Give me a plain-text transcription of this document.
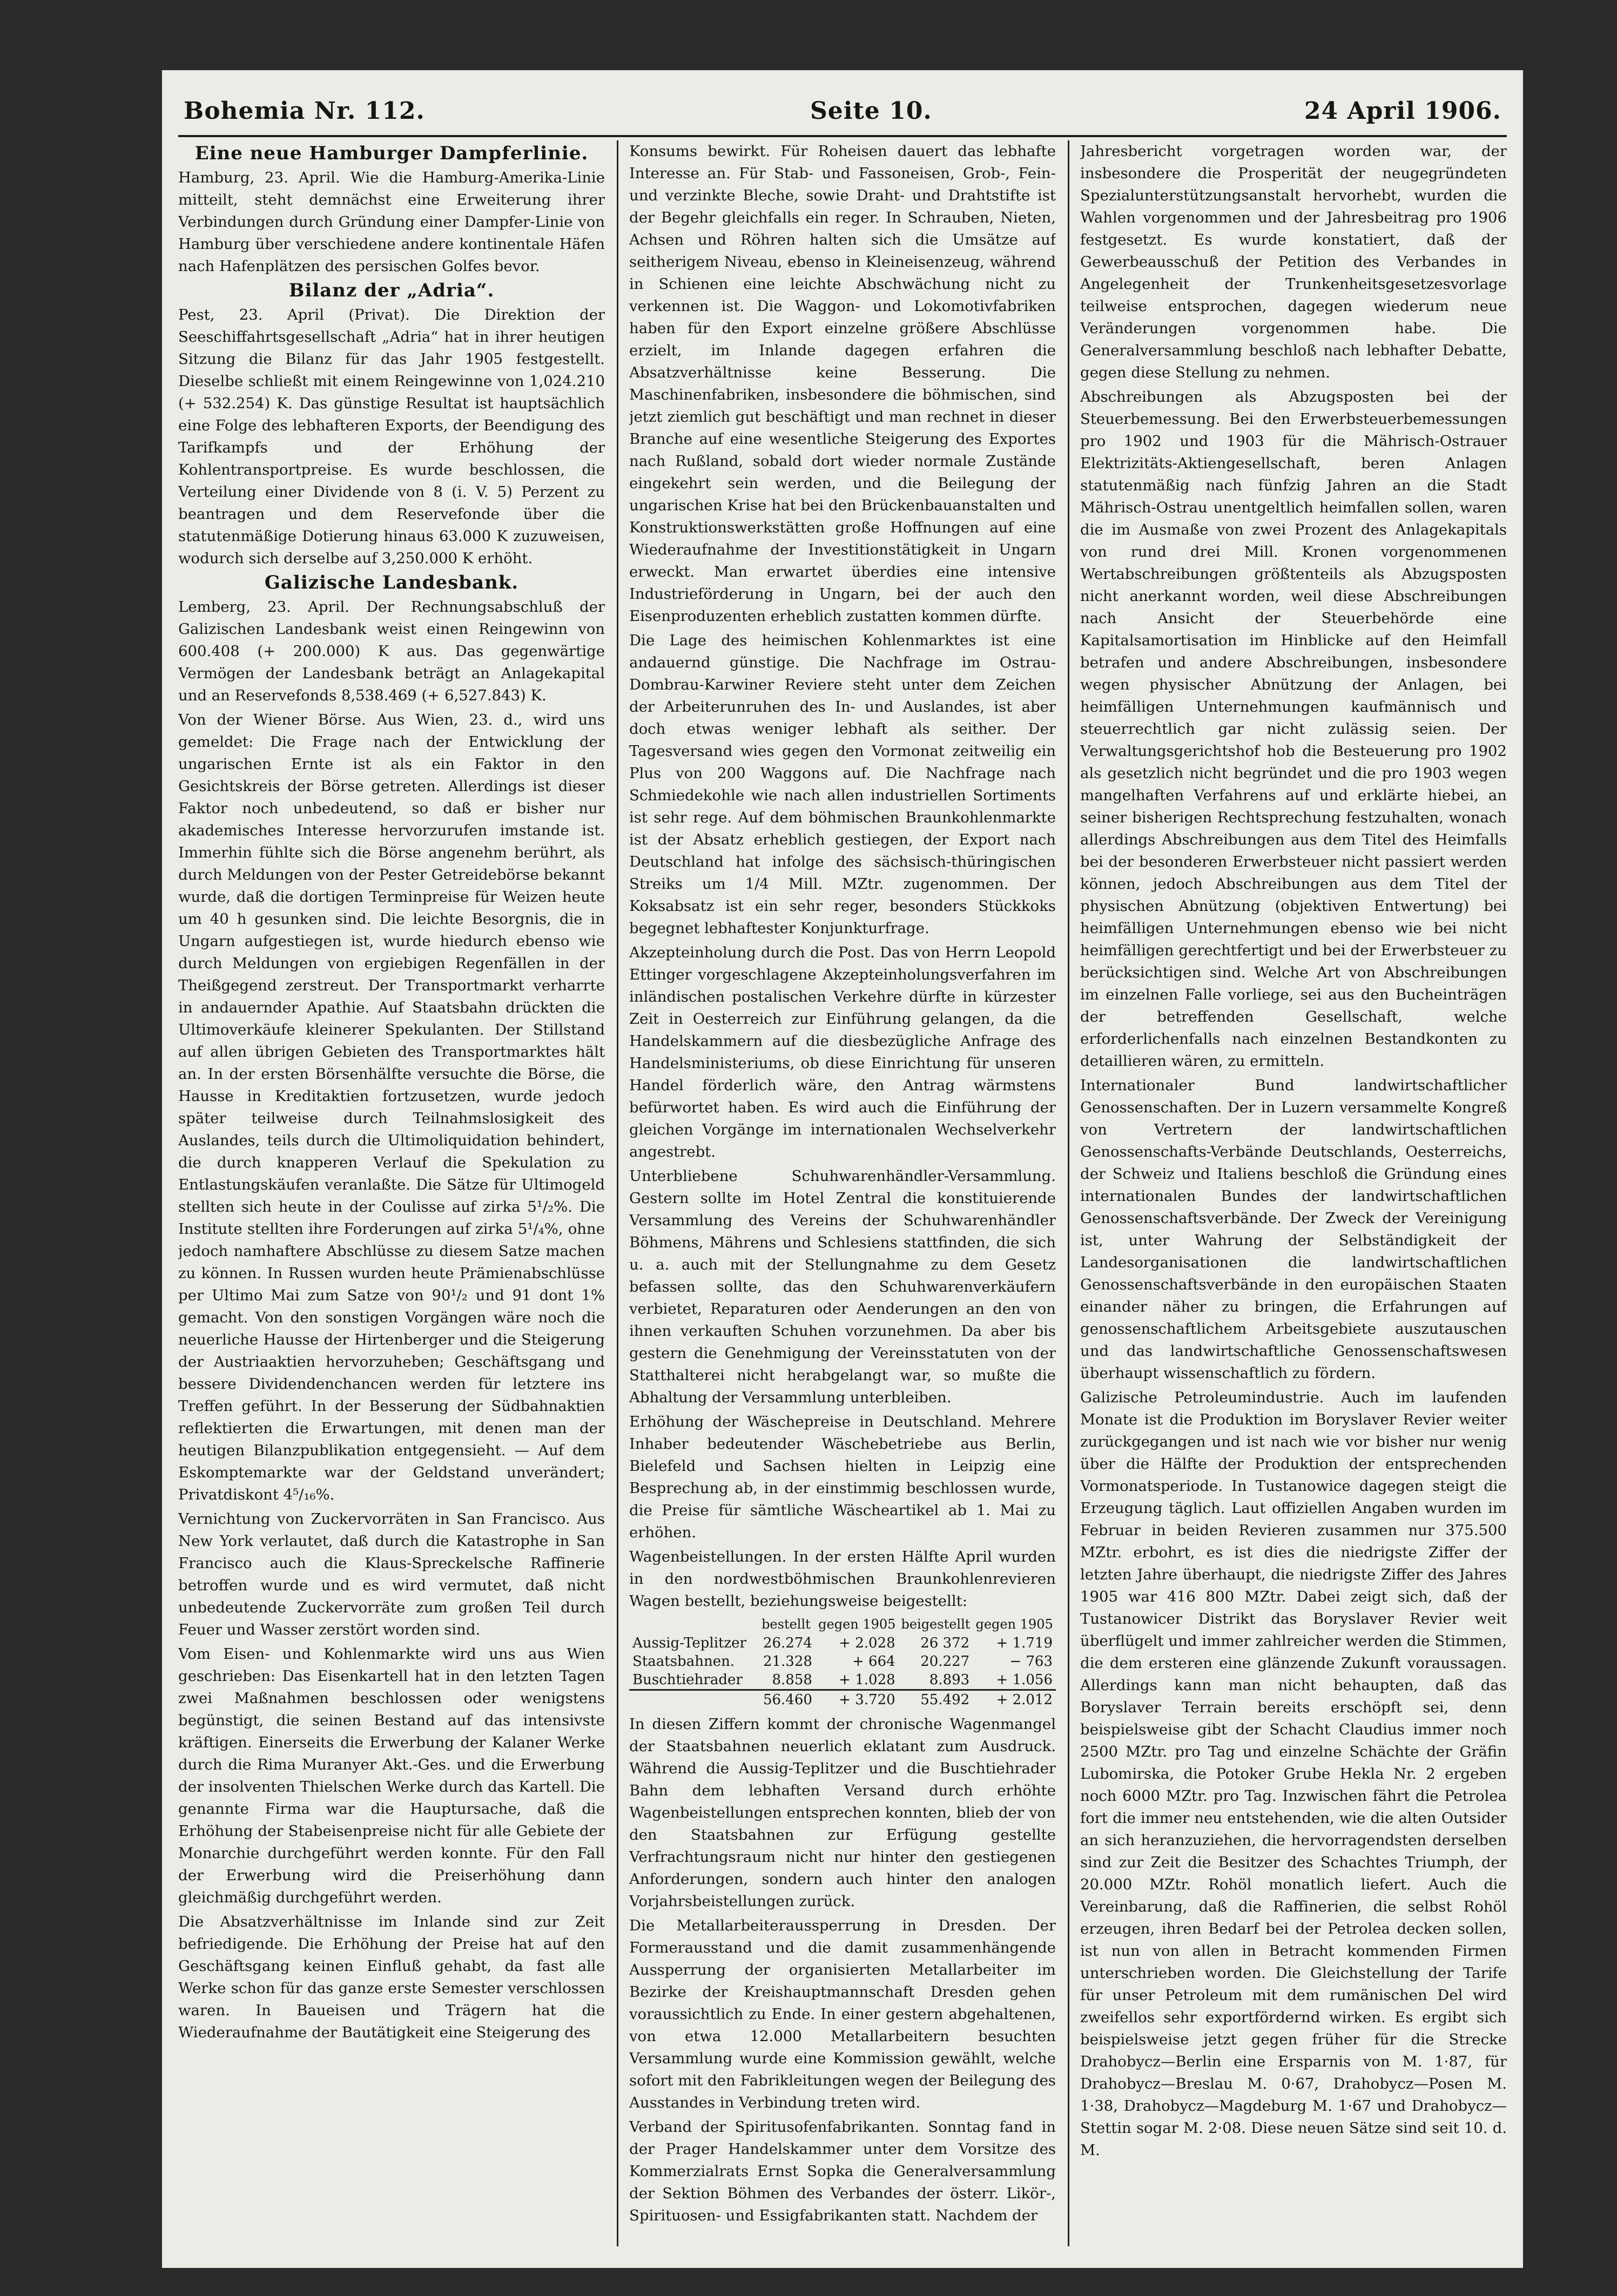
Bohemia Nr. 112.	Seite 10.	24 April 1906.

Eine neue Hamburger Dampferlinie.

Hamburg, 23. April. Wie die Hamburg-Amerika-Linie mitteilt, steht demnächst eine Erweiterung ihrer Verbindungen durch Gründung einer Dampfer-Linie von Hamburg über verschiedene andere kontinentale Häfen nach Hafenplätzen des persischen Golfes bevor.

Bilanz der „Adria“.

Pest, 23. April (Privat). Die Direktion der Seeschiffahrtsgesellschaft „Adria“ hat in ihrer heutigen Sitzung die Bilanz für das Jahr 1905 festgestellt. Dieselbe schließt mit einem Reingewinne von 1,024.210 (+ 532.254) K. Das günstige Resultat ist hauptsächlich eine Folge des lebhafteren Exports, der Beendigung des Tarifkampfs und der Erhöhung der Kohlentransportpreise. Es wurde beschlossen, die Verteilung einer Dividende von 8 (i. V. 5) Perzent zu beantragen und dem Reservefonde über die statutenmäßige Dotierung hinaus 63.000 K zuzuweisen, wodurch sich derselbe auf 3,250.000 K erhöht.

Galizische Landesbank.

Lemberg, 23. April. Der Rechnungsabschluß der Galizischen Landesbank weist einen Reingewinn von 600.408 (+ 200.000) K aus. Das gegenwärtige Vermögen der Landesbank beträgt an Anlagekapital und an Reservefonds 8,538.469 (+ 6,527.843) K.

Von der Wiener Börse. Aus Wien, 23. d., wird uns gemeldet: Die Frage nach der Entwicklung der ungarischen Ernte ist als ein Faktor in den Gesichtskreis der Börse getreten. Allerdings ist dieser Faktor noch unbedeutend, so daß er bisher nur akademisches Interesse hervorzurufen imstande ist. Immerhin fühlte sich die Börse angenehm berührt, als durch Meldungen von der Pester Getreidebörse bekannt wurde, daß die dortigen Terminpreise für Weizen heute um 40 h gesunken sind. Die leichte Besorgnis, die in Ungarn aufgestiegen ist, wurde hiedurch ebenso wie durch Meldungen von ergiebigen Regenfällen in der Theißgegend zerstreut. Der Transportmarkt verharrte in andauernder Apathie. Auf Staatsbahn drückten die Ultimoverkäufe kleinerer Spekulanten. Der Stillstand auf allen übrigen Gebieten des Transportmarktes hält an. In der ersten Börsenhälfte versuchte die Börse, die Hausse in Kreditaktien fortzusetzen, wurde jedoch später teilweise durch Teilnahmslosigkeit des Auslandes, teils durch die Ultimoliquidation behindert, die durch knapperen Verlauf die Spekulation zu Entlastungskäufen veranlaßte. Die Sätze für Ultimogeld stellten sich heute in der Coulisse auf zirka 5¹/₂%. Die Institute stellten ihre Forderungen auf zirka 5¹/₄%, ohne jedoch namhaftere Abschlüsse zu diesem Satze machen zu können. In Russen wurden heute Prämienabschlüsse per Ultimo Mai zum Satze von 90¹/₂ und 91 dont 1% gemacht. Von den sonstigen Vorgängen wäre noch die neuerliche Hausse der Hirtenberger und die Steigerung der Austriaaktien hervorzuheben; Geschäftsgang und bessere Dividendenchancen werden für letztere ins Treffen geführt. In der Besserung der Südbahnaktien reflektierten die Erwartungen, mit denen man der heutigen Bilanzpublikation entgegensieht. — Auf dem Eskomptemarkte war der Geldstand unverändert; Privatdiskont 4⁵/₁₆%.

Vernichtung von Zuckervorräten in San Francisco. Aus New York verlautet, daß durch die Katastrophe in San Francisco auch die Klaus-Spreckelsche Raffinerie betroffen wurde und es wird vermutet, daß nicht unbedeutende Zuckervorräte zum großen Teil durch Feuer und Wasser zerstört worden sind.

Vom Eisen- und Kohlenmarkte wird uns aus Wien geschrieben: Das Eisenkartell hat in den letzten Tagen zwei Maßnahmen beschlossen oder wenigstens begünstigt, die seinen Bestand auf das intensivste kräftigen. Einerseits die Erwerbung der Kalaner Werke durch die Rima Muranyer Akt.-Ges. und die Erwerbung der insolventen Thielschen Werke durch das Kartell. Die genannte Firma war die Hauptursache, daß die Erhöhung der Stabeisenpreise nicht für alle Gebiete der Monarchie durchgeführt werden konnte. Für den Fall der Erwerbung wird die Preiserhöhung dann gleichmäßig durchgeführt werden.

Die Absatzverhältnisse im Inlande sind zur Zeit befriedigende. Die Erhöhung der Preise hat auf den Geschäftsgang keinen Einfluß gehabt, da fast alle Werke schon für das ganze erste Semester verschlossen waren. In Baueisen und Trägern hat die Wiederaufnahme der Bautätigkeit eine Steigerung des

Konsums bewirkt. Für Roheisen dauert das lebhafte Interesse an. Für Stab- und Fassoneisen, Grob-, Fein- und verzinkte Bleche, sowie Draht- und Drahtstifte ist der Begehr gleichfalls ein reger. In Schrauben, Nieten, Achsen und Röhren halten sich die Umsätze auf seitherigem Niveau, ebenso in Kleineisenzeug, während in Schienen eine leichte Abschwächung nicht zu verkennen ist. Die Waggon- und Lokomotivfabriken haben für den Export einzelne größere Abschlüsse erzielt, im Inlande dagegen erfahren die Absatzverhältnisse keine Besserung. Die Maschinenfabriken, insbesondere die böhmischen, sind jetzt ziemlich gut beschäftigt und man rechnet in dieser Branche auf eine wesentliche Steigerung des Exportes nach Rußland, sobald dort wieder normale Zustände eingekehrt sein werden, und die Beilegung der ungarischen Krise hat bei den Brückenbauanstalten und Konstruktionswerkstätten große Hoffnungen auf eine Wiederaufnahme der Investitionstätigkeit in Ungarn erweckt. Man erwartet überdies eine intensive Industrieförderung in Ungarn, bei der auch den Eisenproduzenten erheblich zustatten kommen dürfte.

Die Lage des heimischen Kohlenmarktes ist eine andauernd günstige. Die Nachfrage im Ostrau-Dombrau-Karwiner Reviere steht unter dem Zeichen der Arbeiterunruhen des In- und Auslandes, ist aber doch etwas weniger lebhaft als seither. Der Tagesversand wies gegen den Vormonat zeitweilig ein Plus von 200 Waggons auf. Die Nachfrage nach Schmiedekohle wie nach allen industriellen Sortiments ist sehr rege. Auf dem böhmischen Braunkohlenmarkte ist der Absatz erheblich gestiegen, der Export nach Deutschland hat infolge des sächsisch-thüringischen Streiks um 1/4 Mill. MZtr. zugenommen. Der Koksabsatz ist ein sehr reger, besonders Stückkoks begegnet lebhaftester Konjunkturfrage.

Akzepteinholung durch die Post. Das von Herrn Leopold Ettinger vorgeschlagene Akzepteinholungsverfahren im inländischen postalischen Verkehre dürfte in kürzester Zeit in Oesterreich zur Einführung gelangen, da die Handelskammern auf die diesbezügliche Anfrage des Handelsministeriums, ob diese Einrichtung für unseren Handel förderlich wäre, den Antrag wärmstens befürwortet haben. Es wird auch die Einführung der gleichen Vorgänge im internationalen Wechselverkehr angestrebt.

Unterbliebene Schuhwarenhändler-Versammlung. Gestern sollte im Hotel Zentral die konstituierende Versammlung des Vereins der Schuhwarenhändler Böhmens, Mährens und Schlesiens stattfinden, die sich u. a. auch mit der Stellungnahme zu dem Gesetz befassen sollte, das den Schuhwarenverkäufern verbietet, Reparaturen oder Aenderungen an den von ihnen verkauften Schuhen vorzunehmen. Da aber bis gestern die Genehmigung der Vereinsstatuten von der Statthalterei nicht herabgelangt war, so mußte die Abhaltung der Versammlung unterbleiben.

Erhöhung der Wäschepreise in Deutschland. Mehrere Inhaber bedeutender Wäschebetriebe aus Berlin, Bielefeld und Sachsen hielten in Leipzig eine Besprechung ab, in der einstimmig beschlossen wurde, die Preise für sämtliche Wäscheartikel ab 1. Mai zu erhöhen.

Wagenbeistellungen. In der ersten Hälfte April wurden in den nordwestböhmischen Braunkohlenrevieren Wagen bestellt, beziehungsweise beigestellt:

	bestellt	gegen 1905	beigestellt	gegen 1905
Aussig-Teplitzer	26.274	+ 2.028	26 372	+ 1.719
Staatsbahnen.	21.328	+ 664	20.227	− 763
Buschtiehrader	8.858	+ 1.028	8.893	+ 1.056
	56.460	+ 3.720	55.492	+ 2.012

In diesen Ziffern kommt der chronische Wagenmangel der Staatsbahnen neuerlich eklatant zum Ausdruck. Während die Aussig-Teplitzer und die Buschtiehrader Bahn dem lebhaften Versand durch erhöhte Wagenbeistellungen entsprechen konnten, blieb der von den Staatsbahnen zur Erfügung gestellte Verfrachtungsraum nicht nur hinter den gestiegenen Anforderungen, sondern auch hinter den analogen Vorjahrsbeistellungen zurück.

Die Metallarbeiteraussperrung in Dresden. Der Formerausstand und die damit zusammenhängende Aussperrung der organisierten Metallarbeiter im Bezirke der Kreishauptmannschaft Dresden gehen voraussichtlich zu Ende. In einer gestern abgehaltenen, von etwa 12.000 Metallarbeitern besuchten Versammlung wurde eine Kommission gewählt, welche sofort mit den Fabrikleitungen wegen der Beilegung des Ausstandes in Verbindung treten wird.

Verband der Spiritusofenfabrikanten. Sonntag fand in der Prager Handelskammer unter dem Vorsitze des Kommerzialrats Ernst Sopka die Generalversammlung der Sektion Böhmen des Verbandes der österr. Likör-, Spirituosen- und Essigfabrikanten statt. Nachdem der

Jahresbericht vorgetragen worden war, der insbesondere die Prosperität der neugegründeten Spezialunterstützungsanstalt hervorhebt, wurden die Wahlen vorgenommen und der Jahresbeitrag pro 1906 festgesetzt. Es wurde konstatiert, daß der Gewerbeausschuß der Petition des Verbandes in Angelegenheit der Trunkenheitsgesetzesvorlage teilweise entsprochen, dagegen wiederum neue Veränderungen vorgenommen habe. Die Generalversammlung beschloß nach lebhafter Debatte, gegen diese Stellung zu nehmen.

Abschreibungen als Abzugsposten bei der Steuerbemessung. Bei den Erwerbsteuerbemessungen pro 1902 und 1903 für die Mährisch-Ostrauer Elektrizitäts-Aktiengesellschaft, beren Anlagen statutenmäßig nach fünfzig Jahren an die Stadt Mährisch-Ostrau unentgeltlich heimfallen sollen, waren die im Ausmaße von zwei Prozent des Anlagekapitals von rund drei Mill. Kronen vorgenommenen Wertabschreibungen größtenteils als Abzugsposten nicht anerkannt worden, weil diese Abschreibungen nach Ansicht der Steuerbehörde eine Kapitalsamortisation im Hinblicke auf den Heimfall betrafen und andere Abschreibungen, insbesondere wegen physischer Abnützung der Anlagen, bei heimfälligen Unternehmungen kaufmännisch und steuerrechtlich gar nicht zulässig seien. Der Verwaltungsgerichtshof hob die Besteuerung pro 1902 als gesetzlich nicht begründet und die pro 1903 wegen mangelhaften Verfahrens auf und erklärte hiebei, an seiner bisherigen Rechtsprechung festzuhalten, wonach allerdings Abschreibungen aus dem Titel des Heimfalls bei der besonderen Erwerbsteuer nicht passiert werden können, jedoch Abschreibungen aus dem Titel der physischen Abnützung (objektiven Entwertung) bei heimfälligen Unternehmungen ebenso wie bei nicht heimfälligen gerechtfertigt und bei der Erwerbsteuer zu berücksichtigen sind. Welche Art von Abschreibungen im einzelnen Falle vorliege, sei aus den Bucheinträgen der betreffenden Gesellschaft, welche erforderlichenfalls nach einzelnen Bestandkonten zu detaillieren wären, zu ermitteln.

Internationaler Bund landwirtschaftlicher Genossenschaften. Der in Luzern versammelte Kongreß von Vertretern der landwirtschaftlichen Genossenschafts-Verbände Deutschlands, Oesterreichs, der Schweiz und Italiens beschloß die Gründung eines internationalen Bundes der landwirtschaftlichen Genossenschaftsverbände. Der Zweck der Vereinigung ist, unter Wahrung der Selbständigkeit der Landesorganisationen die landwirtschaftlichen Genossenschaftsverbände in den europäischen Staaten einander näher zu bringen, die Erfahrungen auf genossenschaftlichem Arbeitsgebiete auszutauschen und das landwirtschaftliche Genossenschaftswesen überhaupt wissenschaftlich zu fördern.

Galizische Petroleumindustrie. Auch im laufenden Monate ist die Produktion im Boryslaver Revier weiter zurückgegangen und ist nach wie vor bisher nur wenig über die Hälfte der Produktion der entsprechenden Vormonatsperiode. In Tustanowice dagegen steigt die Erzeugung täglich. Laut offiziellen Angaben wurden im Februar in beiden Revieren zusammen nur 375.500 MZtr. erbohrt, es ist dies die niedrigste Ziffer der letzten Jahre überhaupt, die niedrigste Ziffer des Jahres 1905 war 416 800 MZtr. Dabei zeigt sich, daß der Tustanowicer Distrikt das Boryslaver Revier weit überflügelt und immer zahlreicher werden die Stimmen, die dem ersteren eine glänzende Zukunft voraussagen. Allerdings kann man nicht behaupten, daß das Boryslaver Terrain bereits erschöpft sei, denn beispielsweise gibt der Schacht Claudius immer noch 2500 MZtr. pro Tag und einzelne Schächte der Gräfin Lubomirska, die Potoker Grube Hekla Nr. 2 ergeben noch 6000 MZtr. pro Tag. Inzwischen fährt die Petrolea fort die immer neu entstehenden, wie die alten Outsider an sich heranzuziehen, die hervorragendsten derselben sind zur Zeit die Besitzer des Schachtes Triumph, der 20.000 MZtr. Rohöl monatlich liefert. Auch die Vereinbarung, daß die Raffinerien, die selbst Rohöl erzeugen, ihren Bedarf bei der Petrolea decken sollen, ist nun von allen in Betracht kommenden Firmen unterschrieben worden. Die Gleichstellung der Tarife für unser Petroleum mit dem rumänischen Del wird zweifellos sehr exportfördernd wirken. Es ergibt sich beispielsweise jetzt gegen früher für die Strecke Drahobycz—Berlin eine Ersparnis von M. 1·87, für Drahobycz—Breslau M. 0·67, Drahobycz—Posen M. 1·38, Drahobycz—Magdeburg M. 1·67 und Drahobycz—Stettin sogar M. 2·08. Diese neuen Sätze sind seit 10. d. M.
